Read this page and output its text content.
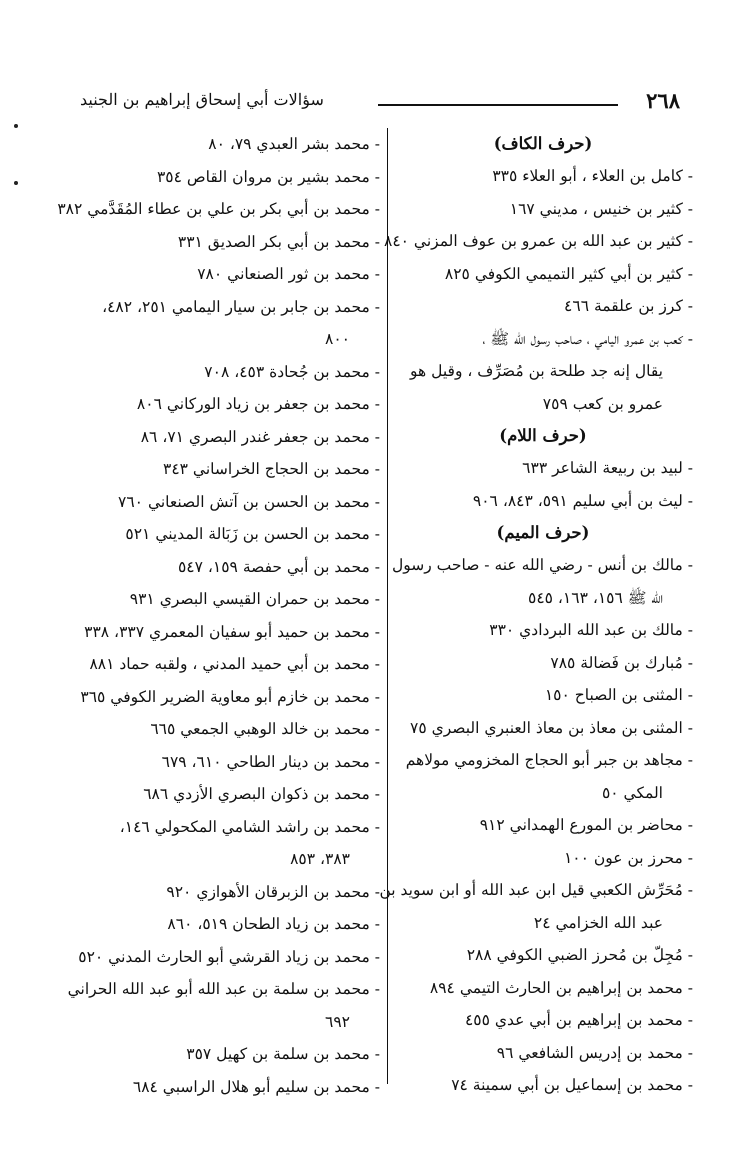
٢٦٨
سؤالات أبي إسحاق إبراهيم بن الجنيد
(حرف الكاف)
- كامل بن العلاء ، أبو العلاء ٣٣٥
- كثير بن خنيس ، مديني ١٦٧
- كثير بن عبد الله بن عمرو بن عوف المزني ٨٤٠
- كثير بن أبي كثير التميمي الكوفي ٨٢٥
- كرز بن علقمة ٤٦٦
- كعب بن عمرو اليامي ، صاحب رسول الله ﷺ ،
يقال إنه جد طلحة بن مُصَرِّف ، وقيل هو
عمرو بن كعب ٧٥٩
(حرف اللام)
- لبيد بن ربيعة الشاعر ٦٣٣
- ليث بن أبي سليم ٥٩١، ٨٤٣، ٩٠٦
(حرف الميم)
- مالك بن أنس - رضي الله عنه - صاحب رسول
الله ﷺ ١٥٦، ١٦٣، ٥٤٥
- مالك بن عبد الله البردادي ٣٣٠
- مُبارك بن فَضالة ٧٨٥
- المثنى بن الصباح ١٥٠
- المثنى بن معاذ بن معاذ العنبري البصري ٧٥
- مجاهد بن جبر أبو الحجاج المخزومي مولاهم
المكي ٥٠
- محاضر بن المورع الهمداني ٩١٢
- محرز بن عون ١٠٠
- مُحَرِّش الكعبي قيل ابن عبد الله أو ابن سويد بن
عبد الله الخزامي ٢٤
- مُجِلّ بن مُحرز الضبي الكوفي ٢٨٨
- محمد بن إبراهيم بن الحارث التيمي ٨٩٤
- محمد بن إبراهيم بن أبي عدي ٤٥٥
- محمد بن إدريس الشافعي ٩٦
- محمد بن إسماعيل بن أبي سمينة ٧٤
- محمد بشر العبدي ٧٩، ٨٠
- محمد بشير بن مروان القاص ٣٥٤
- محمد بن أبي بكر بن علي بن عطاء المُقَدَّمي ٣٨٢
- محمد بن أبي بكر الصديق ٣٣١
- محمد بن ثور الصنعاني ٧٨٠
- محمد بن جابر بن سيار اليمامي ٢٥١، ٤٨٢،
٨٠٠
- محمد بن جُحادة ٤٥٣، ٧٠٨
- محمد بن جعفر بن زياد الوركاني ٨٠٦
- محمد بن جعفر غندر البصري ٧١، ٨٦
- محمد بن الحجاج الخراساني ٣٤٣
- محمد بن الحسن بن آتش الصنعاني ٧٦٠
- محمد بن الحسن بن زَبَالة المديني ٥٢١
- محمد بن أبي حفصة ١٥٩، ٥٤٧
- محمد بن حمران القيسي البصري ٩٣١
- محمد بن حميد أبو سفيان المعمري ٣٣٧، ٣٣٨
- محمد بن أبي حميد المدني ، ولقبه حماد ٨٨١
- محمد بن خازم أبو معاوية الضرير الكوفي ٣٦٥
- محمد بن خالد الوهبي الجمعي ٦٦٥
- محمد بن دينار الطاحي ٦١٠، ٦٧٩
- محمد بن ذكوان البصري الأزدي ٦٨٦
- محمد بن راشد الشامي المكحولي ١٤٦،
٣٨٣، ٨٥٣
- محمد بن الزبرقان الأهوازي ٩٢٠
- محمد بن زياد الطحان ٥١٩، ٨٦٠
- محمد بن زياد القرشي أبو الحارث المدني ٥٢٠
- محمد بن سلمة بن عبد الله أبو عبد الله الحراني
٦٩٢
- محمد بن سلمة بن كهيل ٣٥٧
- محمد بن سليم أبو هلال الراسبي ٦٨٤
